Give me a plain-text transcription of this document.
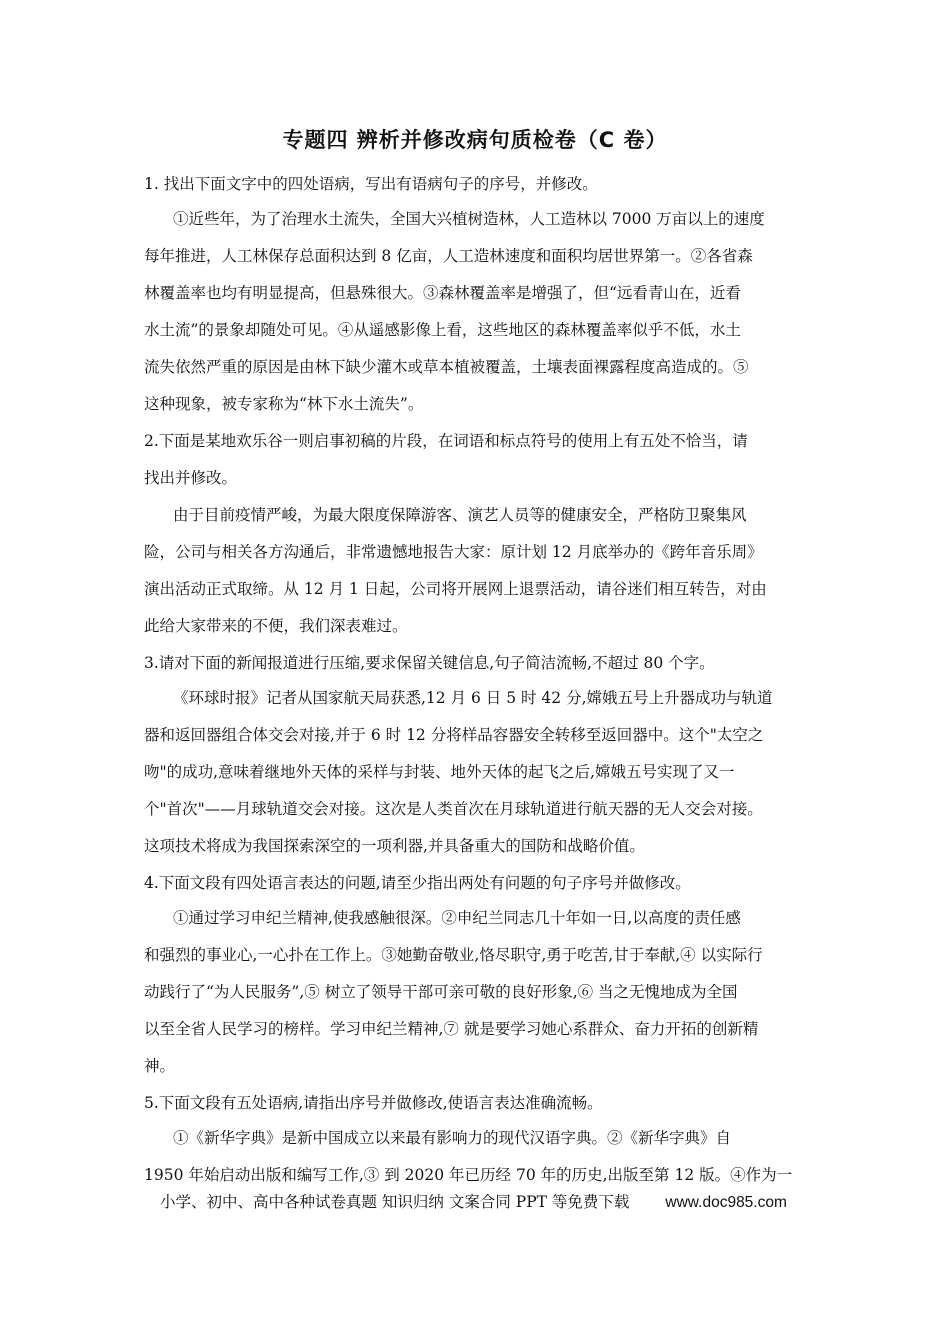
专题四 辨析并修改病句质检卷（C 卷）
1. 找出下面文字中的四处语病，写出有语病句子的序号，并修改。
①近些年，为了治理水土流失，全国大兴植树造林，人工造林以 7000 万亩以上的速度
每年推进，人工林保存总面积达到 8 亿亩，人工造林速度和面积均居世界第一。②各省森
林覆盖率也均有明显提高，但悬殊很大。③森林覆盖率是增强了，但“远看青山在，近看
水土流”的景象却随处可见。④从遥感影像上看，这些地区的森林覆盖率似乎不低，水土
流失依然严重的原因是由林下缺少灌木或草本植被覆盖，土壤表面裸露程度高造成的。⑤
这种现象，被专家称为“林下水土流失”。
2.下面是某地欢乐谷一则启事初稿的片段，在词语和标点符号的使用上有五处不恰当，请
找出并修改。
由于目前疫情严峻，为最大限度保障游客、演艺人员等的健康安全，严格防卫聚集风
险，公司与相关各方沟通后，非常遗憾地报告大家：原计划 12 月底举办的《跨年音乐周》
演出活动正式取缔。从 12 月 1 日起，公司将开展网上退票活动，请谷迷们相互转告，对由
此给大家带来的不便，我们深表难过。
3.请对下面的新闻报道进行压缩,要求保留关键信息,句子简洁流畅,不超过 80 个字。
《环球时报》记者从国家航天局获悉,12 月 6 日 5 时 42 分,嫦娥五号上升器成功与轨道
器和返回器组合体交会对接,并于 6 时 12 分将样品容器安全转移至返回器中。这个"太空之
吻"的成功,意味着继地外天体的采样与封装、地外天体的起飞之后,嫦娥五号实现了又一
个"首次"——月球轨道交会对接。这次是人类首次在月球轨道进行航天器的无人交会对接。
这项技术将成为我国探索深空的一项利器,并具备重大的国防和战略价值。
4.下面文段有四处语言表达的问题,请至少指出两处有问题的句子序号并做修改。
①通过学习申纪兰精神,使我感触很深。②申纪兰同志几十年如一日,以高度的责任感
和强烈的事业心,一心扑在工作上。③她勤奋敬业,恪尽职守,勇于吃苦,甘于奉献,④ 以实际行
动践行了“为人民服务”,⑤ 树立了领导干部可亲可敬的良好形象,⑥ 当之无愧地成为全国
以至全省人民学习的榜样。学习申纪兰精神,⑦ 就是要学习她心系群众、奋力开拓的创新精
神。
5.下面文段有五处语病,请指出序号并做修改,使语言表达准确流畅。
①《新华字典》是新中国成立以来最有影响力的现代汉语字典。②《新华字典》自
1950 年始启动出版和编写工作,③ 到 2020 年已历经 70 年的历史,出版至第 12 版。④作为一
小学、初中、高中各种试卷真题 知识归纳 文案合同 PPT 等免费下载 www.doc985.com
